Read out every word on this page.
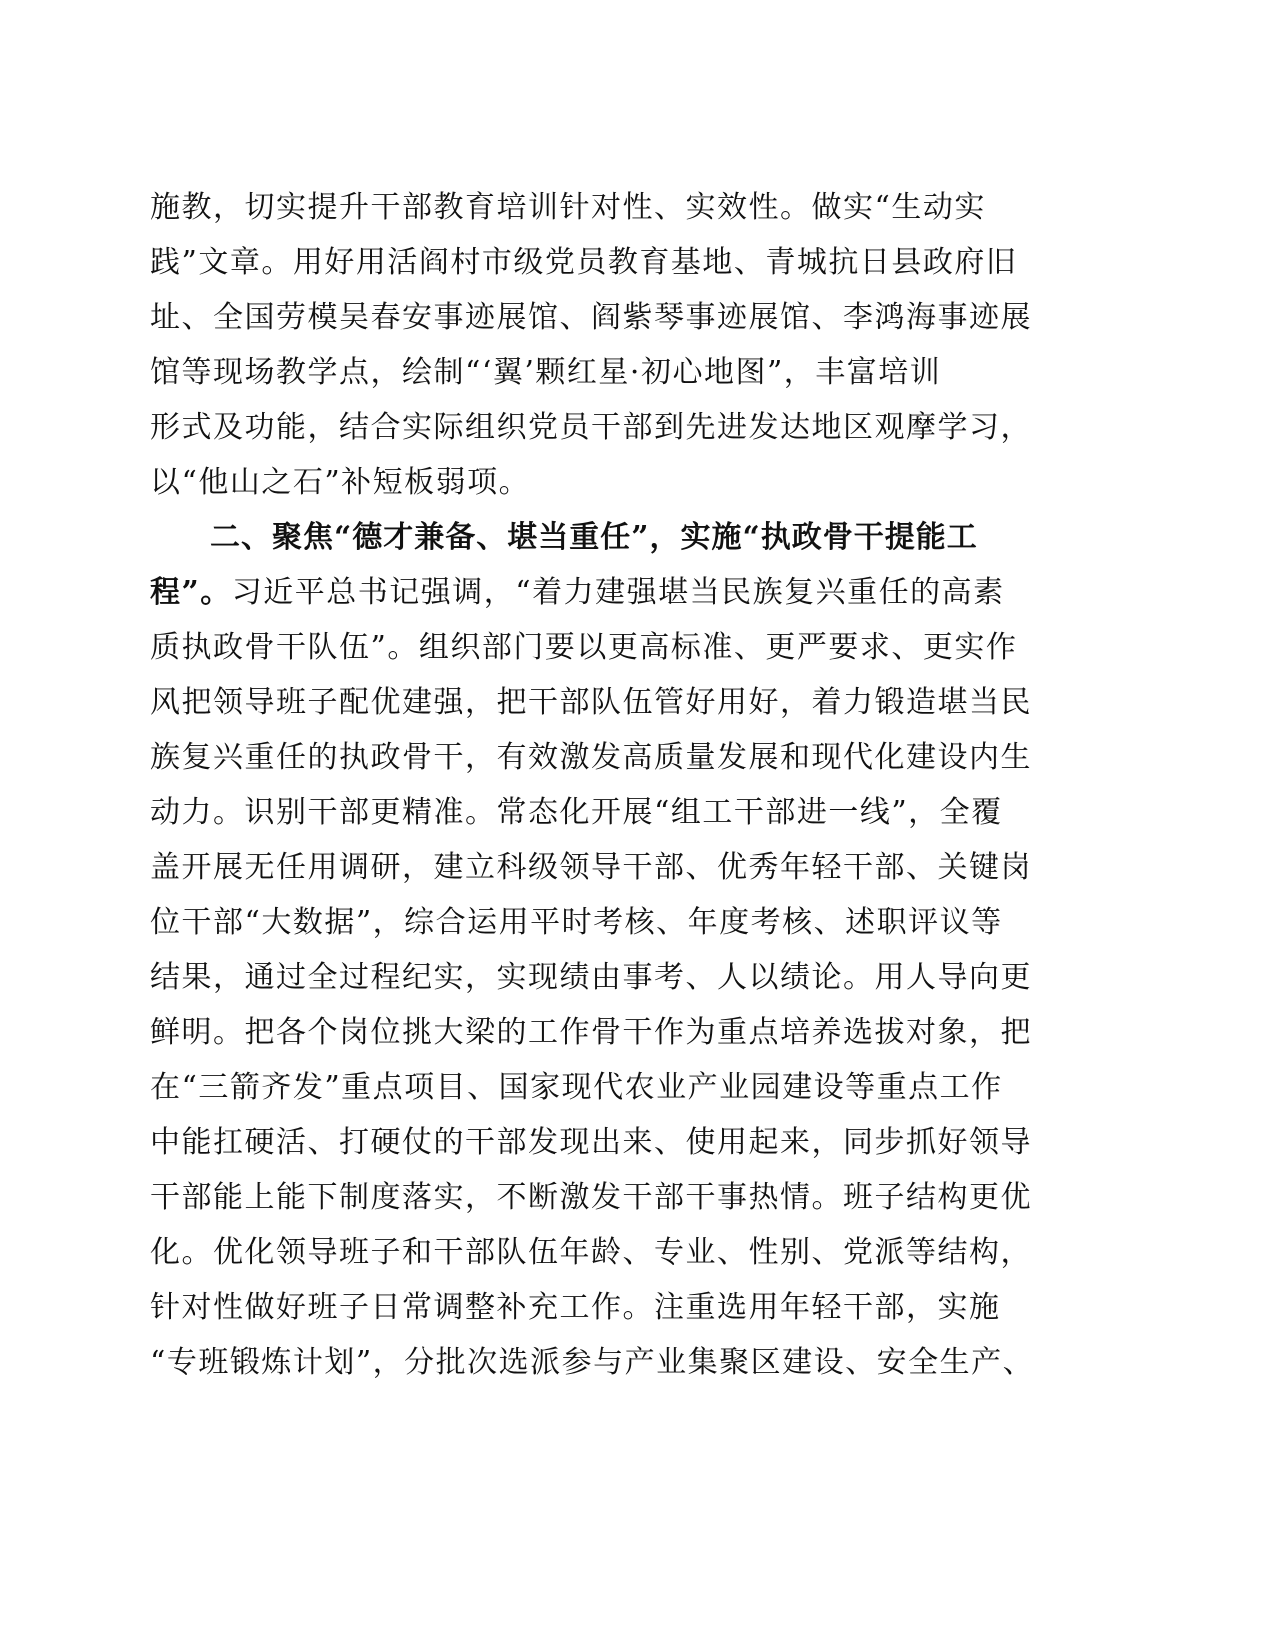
施教，切实提升干部教育培训针对性、实效性。做实“生动实
践”文章。用好用活阎村市级党员教育基地、青城抗日县政府旧
址、全国劳模吴春安事迹展馆、阎紫琴事迹展馆、李鸿海事迹展
馆等现场教学点，绘制“‘翼’颗红星·初心地图”，丰富培训
形式及功能，结合实际组织党员干部到先进发达地区观摩学习，
以“他山之石”补短板弱项。
二、聚焦“德才兼备、堪当重任”，实施“执政骨干提能工
程”。习近平总书记强调，“着力建强堪当民族复兴重任的高素
质执政骨干队伍”。组织部门要以更高标准、更严要求、更实作
风把领导班子配优建强，把干部队伍管好用好，着力锻造堪当民
族复兴重任的执政骨干，有效激发高质量发展和现代化建设内生
动力。识别干部更精准。常态化开展“组工干部进一线”，全覆
盖开展无任用调研，建立科级领导干部、优秀年轻干部、关键岗
位干部“大数据”，综合运用平时考核、年度考核、述职评议等
结果，通过全过程纪实，实现绩由事考、人以绩论。用人导向更
鲜明。把各个岗位挑大梁的工作骨干作为重点培养选拔对象，把
在“三箭齐发”重点项目、国家现代农业产业园建设等重点工作
中能扛硬活、打硬仗的干部发现出来、使用起来，同步抓好领导
干部能上能下制度落实，不断激发干部干事热情。班子结构更优
化。优化领导班子和干部队伍年龄、专业、性别、党派等结构，
针对性做好班子日常调整补充工作。注重选用年轻干部，实施
“专班锻炼计划”，分批次选派参与产业集聚区建设、安全生产、
